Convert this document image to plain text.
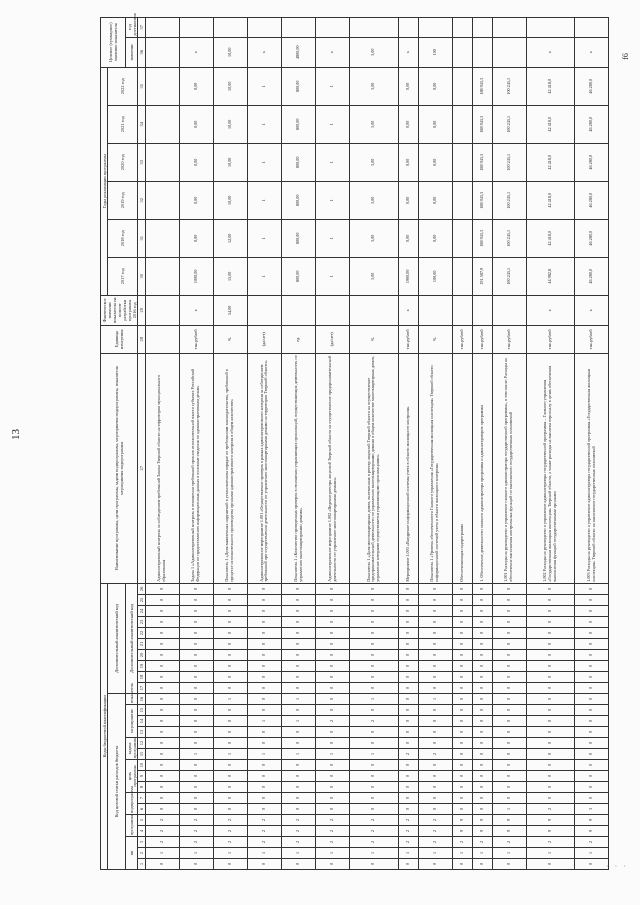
13
f6
· · ·
Коды бюджетной классификации																										Наименование программы, цели программы, задачи подпрограммы, мероприятия подпрограммы, показателя мероприятия подпрограммы	Единица измерения	Фактическое значение показателя на момент разработки программы 2016 год	Годы реализации программы						Целевое (суммарное) значение показателя	
Код целевой статьи расходов бюджета																Дополнительный аналитический код													2017 год	2018 год	2019 год	2020 год	2021 год	2022 год		
пп			программа		подпрограмма		цель программы			задача программы		мероприятие			показатель	Дополнительный аналитический код																			значение	год достижения
1	2	3	4	5	6	7	8	9	10	11	12	13	14	15	16	17	18	19	20	21	22	23	24	25	26	27	28	29	30	31	32	33	34	35	36	37
0	1	2	2	2	0	0	0	0	0	0	0	0	0	0	0	0	0	0	0	0	0	0	0	0	0	Административный контроль за соблюдением требований Закона Тверской области на территории муниципального образования										
0	1	2	2	2	0	0	0	0	0	1	0	0	0	0	0	0	0	0	0	0	0	0	0	0	0	Задача 1 «Административный контроль в отношении требований органов исполнительной власти субъекта Российской Федерации по предоставлению информационных данных в основные сведения по административным делам»	тыс.рублей	х	1000,00	0,00	0,00	0,00	0,00	0,00	х	
0	1	2	2	2	0	0	0	0	0	1	0	0	0	0	1	0	0	0	0	0	0	0	0	0	0	Показатель 1 «Доля выявленных нарушений в установленном порядке по требованиям законодательства, требований в процессе исполнительного производства органами административного контроля в общем количестве»	%	54,00	15,00	12,00	10,00	10,00	10,00	10,00	10,00	
0	1	2	2	2	0	0	0	0	0	1	0	0	1	0	0	0	0	0	0	0	0	0	0	0	0	Административное мероприятие 1.001 «Осуществление проверок в рамках административного контроля за соблюдением требований при осуществлении деятельности по управлению многоквартирными домами на территории Тверской области»	(да/нет)		1	1	1	1	1	1	х	
0	1	2	2	2	0	0	0	0	0	1	0	0	1	0	1	0	0	0	0	0	0	0	0	0	0	Показатель 1 «Количество проведенных проверок в отношении управляющих организаций, осуществляющих деятельность по управлению многоквартирными домами»	ед.		800,00	800,00	800,00	800,00	800,00	800,00	4800,00	
0	1	2	2	2	0	0	0	0	0	1	0	0	2	0	0	0	0	0	0	0	0	0	0	0	0	Административное мероприятие 1.002 «Ведение реестра лицензий Тверской области на осуществление предпринимательской деятельности по управлению многоквартирными домами»	(да/нет)		1	1	1	1	1	1	х	
0	1	2	2	2	0	0	0	0	0	1	0	0	2	0	1	0	0	0	0	0	0	0	0	0	0	Показатель 1 «Доля многоквартирных домов, включенных в реестр лицензий Тверской области на осуществление предпринимательской деятельности по управлению многоквартирными домами в общем количестве многоквартирных домов, управление которыми осуществляется управляющими организациями»	%		3,00	3,00	3,00	3,00	3,00	3,00	3,00	
0	1	2	2	2	0	0	0	0	0	2	0	0	0	0	0	0	0	0	0	0	0	0	0	0	0	Мероприятие 1.003 «Внедрение информационной системы учета в области жилищного контроля»	тыс.рублей	х	1900,00	0,00	0,00	0,00	0,00	0,00	х	
0	1	2	2	2	0	0	0	0	0	2	0	0	0	0	1	0	0	0	0	0	0	0	0	0	0	Показатель 1 «Уровень обеспеченности Главного управления «Государственная жилищная инспекция» Тверской области информационной системой учета в области жилищного контроля»	%		100,00	0,00	0,00	0,00	0,00	0,00	100	
0	1	2	9	9	0	0	0	0	0	0	0	0	0	0	0	0	0	0	0	0	0	0	0	0	0	Обеспечивающая подпрограмма	тыс.рублей									
0	1	2	9	9	0	0	0	0	0	0	0	0	0	0	0	0	0	0	0	0	0	0	0	0	0	1. Обеспечение деятельности главного администратора программы и администраторов программы	тыс.рублей		191 587,9	188 943,3	188 943,3	188 943,3	188 943,3	188 943,3		
0	1	2	9	9	1	0	0	0	0	0	0	0	0	0	0	0	0	0	0	0	0	0	0	0	0	1.001 Расходы на руководство и управление главного администратора государственной программы», в том числе: Расходы на обеспечение выполнения контрольных функций по выполнению государственных полномочий	тыс.рублей		100 245,1	100 245,1	100 245,1	100 245,1	100 245,1	100 245,1		
0	1	2	9	9	2	0	0	0	0	0	0	0	0	0	0	0	0	0	0	0	0	0	0	0	0	1.002 Расходы на руководство и управление администратора государственной программы – Главного управления «Государственная жилищная инспекция» Тверской области, а также расходы на выплаты персоналу в целях обеспечения выполнения функций государственными органами	тыс.рублей	х	44 982,8	42 418,0	42 418,0	42 418,0	42 418,0	42 418,0	х	
0	1	2	9	9	3	0	0	0	0	0	0	0	0	0	0	0	0	0	0	0	0	0	0	0	0	1.003 Расходы на руководство и управление администратора государственной программы «Государственная жилищная инспекция» Тверской области на выполнение государственных полномочий	тыс.рублей	х	46 280,0	46 280,0	46 280,0	46 280,0	46 280,0	46 280,0	х	
